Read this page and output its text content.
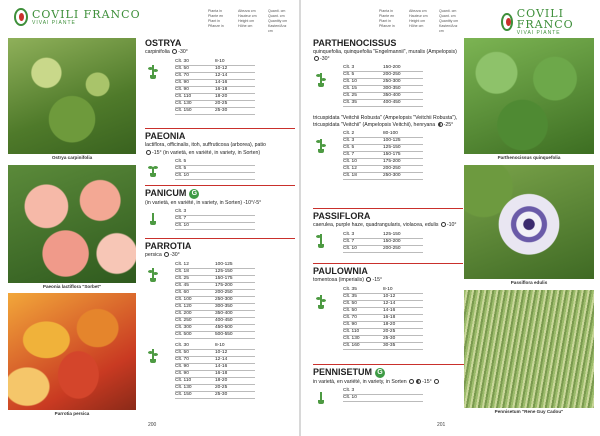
COVILI FRANCO
VIVAI PIANTE
Pianta in
Plante en
Plant in
Pflanze in
Altezza cm
Hauteur cm
Height cm
Höhe cm
Quanti. cm
Quant. cm
Quantity cm
Kasten/Anz cm
Ostrya carpinifolia
Paeonia lactiflora "Sorbet"
Parrotia persica
OSTRYA
carpinifolia -30°
Clt. 30	8-10
Clt. 50	10-12
Clt. 70	12-14
Clt. 90	14-16
Clt. 90	16-18
Clt. 110	18-20
Clt. 130	20-25
Clt. 150	25-30
PAEONIA
lactiflora, officinalis, itoh, suffruticosa (arborea), patio
-15° (in varietà, en variété, in variety, in Sorten)
Clt. 5	
Clt. 5	
Clt. 10	
PANICUM G
(in varietà, en variété, in variety, in Sorten) -10°/-5°
Clt. 3	
Clt. 7	
Clt. 10	
PARROTIA
persica -30°
Clt. 12	100-125
Clt. 18	125-150
Clt. 25	150-175
Clt. 45	175-200
Clt. 60	200-250
Clt. 100	250-300
Clt. 120	300-350
Clt. 200	350-400
Clt. 250	400-450
Clt. 300	450-500
Clt. 500	500-550
Clt. 30	8-10
Clt. 50	10-12
Clt. 70	12-14
Clt. 90	14-16
Clt. 90	16-18
Clt. 110	18-20
Clt. 130	20-25
Clt. 150	25-30
200
Pianta in
Plante en
Plant in
Pflanze in
Altezza cm
Hauteur cm
Height cm
Höhe cm
Quanti. cm
Quant. cm
Quantity cm
Kasten/Anz cm
COVILI FRANCO
VIVAI PIANTE
PARTHENOCISSUS
quinquefolia, quinquefolia "Engelmannii", muralis (Ampelopsis) -30°
Clt. 3	150-200
Clt. 5	200-250
Clt. 10	250-300
Clt. 15	300-350
Clt. 25	350-400
Clt. 35	400-450
tricuspidata "Veitchii Robusta" (Ampelopsis "Veitchii Robusta"), tricuspidata "Veitchii" (Ampelopsis Veitchii), henryana -25°
Clt. 2	80-100
Clt. 3	100-125
Clt. 5	125-150
Clt. 7	150-175
Clt. 10	175-200
Clt. 12	200-250
Clt. 18	250-300
PASSIFLORA
caerulea, purple haze, quadrangularis, violacea, edulis -10°
Clt. 3	125-150
Clt. 7	150-200
Clt. 10	200-250
PAULOWNIA
tomentosa (imperialis) -15°
Clt. 35	8-10
Clt. 35	10-12
Clt. 50	12-14
Clt. 50	14-16
Clt. 70	16-18
Clt. 90	18-20
Clt. 110	20-25
Clt. 130	25-30
Clt. 160	30-35
PENNISETUM G
in varietà, en variété, in variety, in Sorten	-15°
Clt. 3	
Clt. 10	
Parthenocissus quinquefolia
Passiflora edulis
Pennisetum "Rene Guy Cadou"
201
